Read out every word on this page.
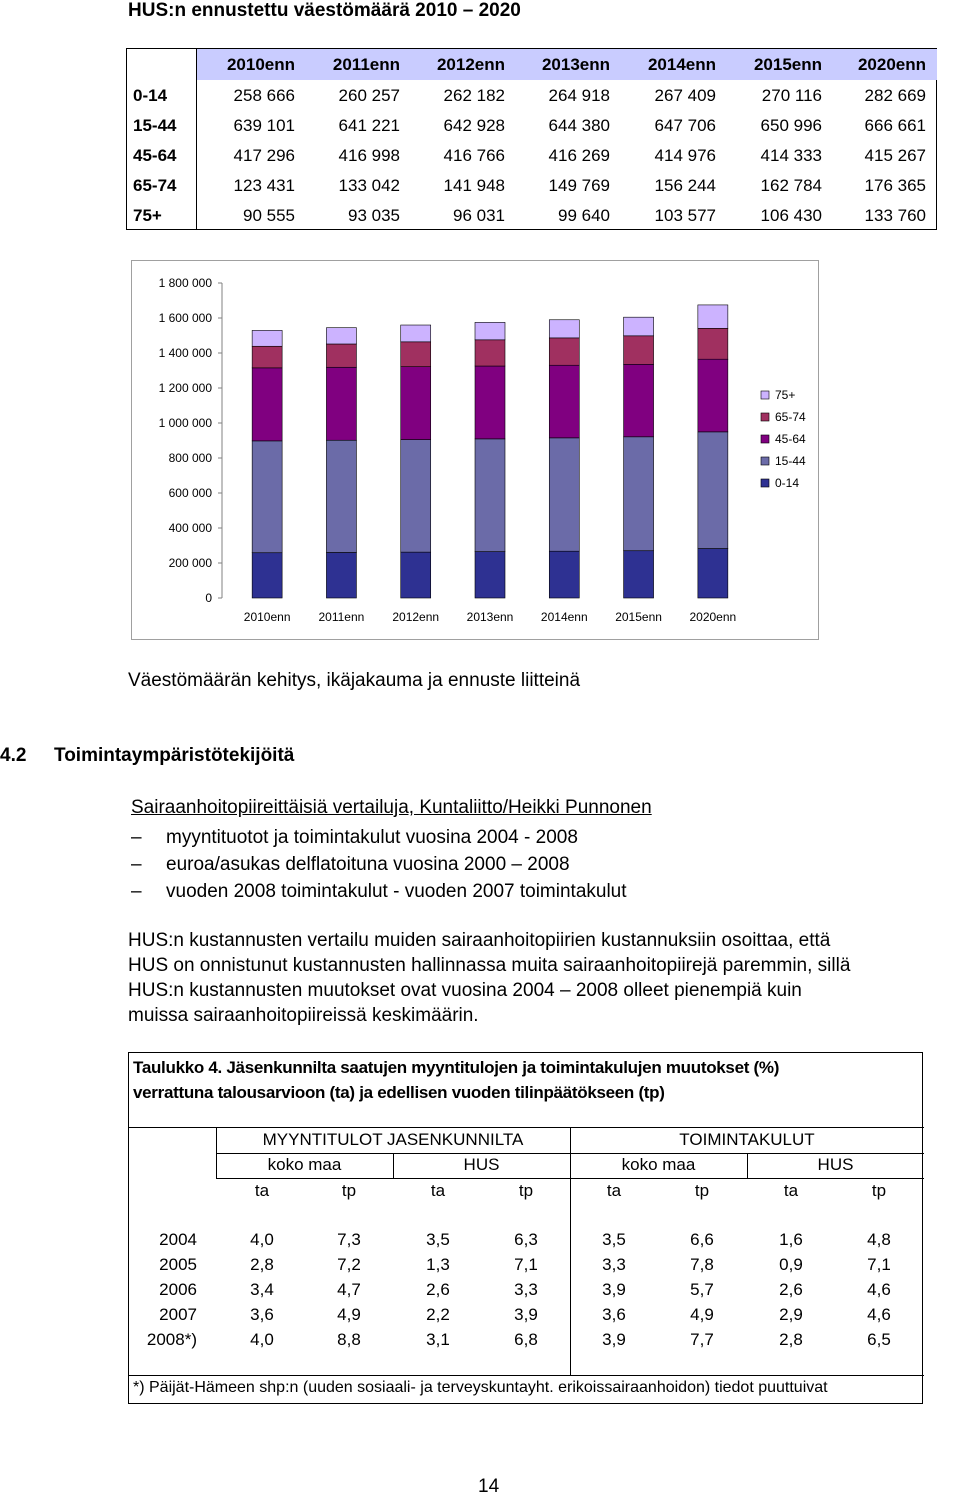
HUS:n ennustettu väestömäärä 2010 – 2020
2010enn 2011enn 2012enn 2013enn 2014enn 2015enn 2020enn
0-14	258 666	260 257	262 182	264 918	267 409	270 116	282 669
15-44	639 101	641 221	642 928	644 380	647 706	650 996	666 661
45-64	417 296	416 998	416 766	416 269	414 976	414 333	415 267
65-74	123 431	133 042	141 948	149 769	156 244	162 784	176 365
75+	90 555	93 035	96 031	99 640	103 577	106 430	133 760
0
200 000
400 000
600 000
800 000
1 000 000
1 200 000
1 400 000
1 600 000
1 800 000
2010enn 2011enn 2012enn 2013enn 2014enn 2015enn 2020enn
75+
65-74
45-64
15-44
0-14
Väestömäärän kehitys, ikäjakauma ja ennuste liitteinä
4.2 Toimintaympäristötekijöitä
Sairaanhoitopiireittäisiä vertailuja, Kuntaliitto/Heikki Punnonen
–	myyntituotot ja toimintakulut vuosina 2004 - 2008
–	euroa/asukas delflatoituna vuosina 2000 – 2008
–	vuoden 2008 toimintakulut - vuoden 2007 toimintakulut
HUS:n kustannusten vertailu muiden sairaanhoitopiirien kustannuksiin osoittaa, että
HUS on onnistunut kustannusten hallinnassa muita sairaanhoitopiirejä paremmin, sillä
HUS:n kustannusten muutokset ovat vuosina 2004 – 2008 olleet pienempiä kuin
muissa sairaanhoitopiireissä keskimäärin.
Taulukko 4. Jäsenkunnilta saatujen myyntitulojen ja toimintakulujen muutokset (%)
verrattuna talousarvioon (ta) ja edellisen vuoden tilinpäätökseen (tp)
*) Päijät-Hämeen shp:n (uuden sosiaali- ja terveyskuntayht. erikoissairaanhoidon) tiedot puuttuivat
MYYNTITULOT JASENKUNNILTA	TOIMINTAKULUT
koko maa	HUS	koko maa	HUS
ta	tp	ta	tp	ta	tp	ta	tp
2004	4,0	7,3	3,5	6,3	3,5	6,6	1,6	4,8
2005	2,8	7,2	1,3	7,1	3,3	7,8	0,9	7,1
2006	3,4	4,7	2,6	3,3	3,9	5,7	2,6	4,6
2007	3,6	4,9	2,2	3,9	3,6	4,9	2,9	4,6
2008*)	4,0	8,8	3,1	6,8	3,9	7,7	2,8	6,5
14
